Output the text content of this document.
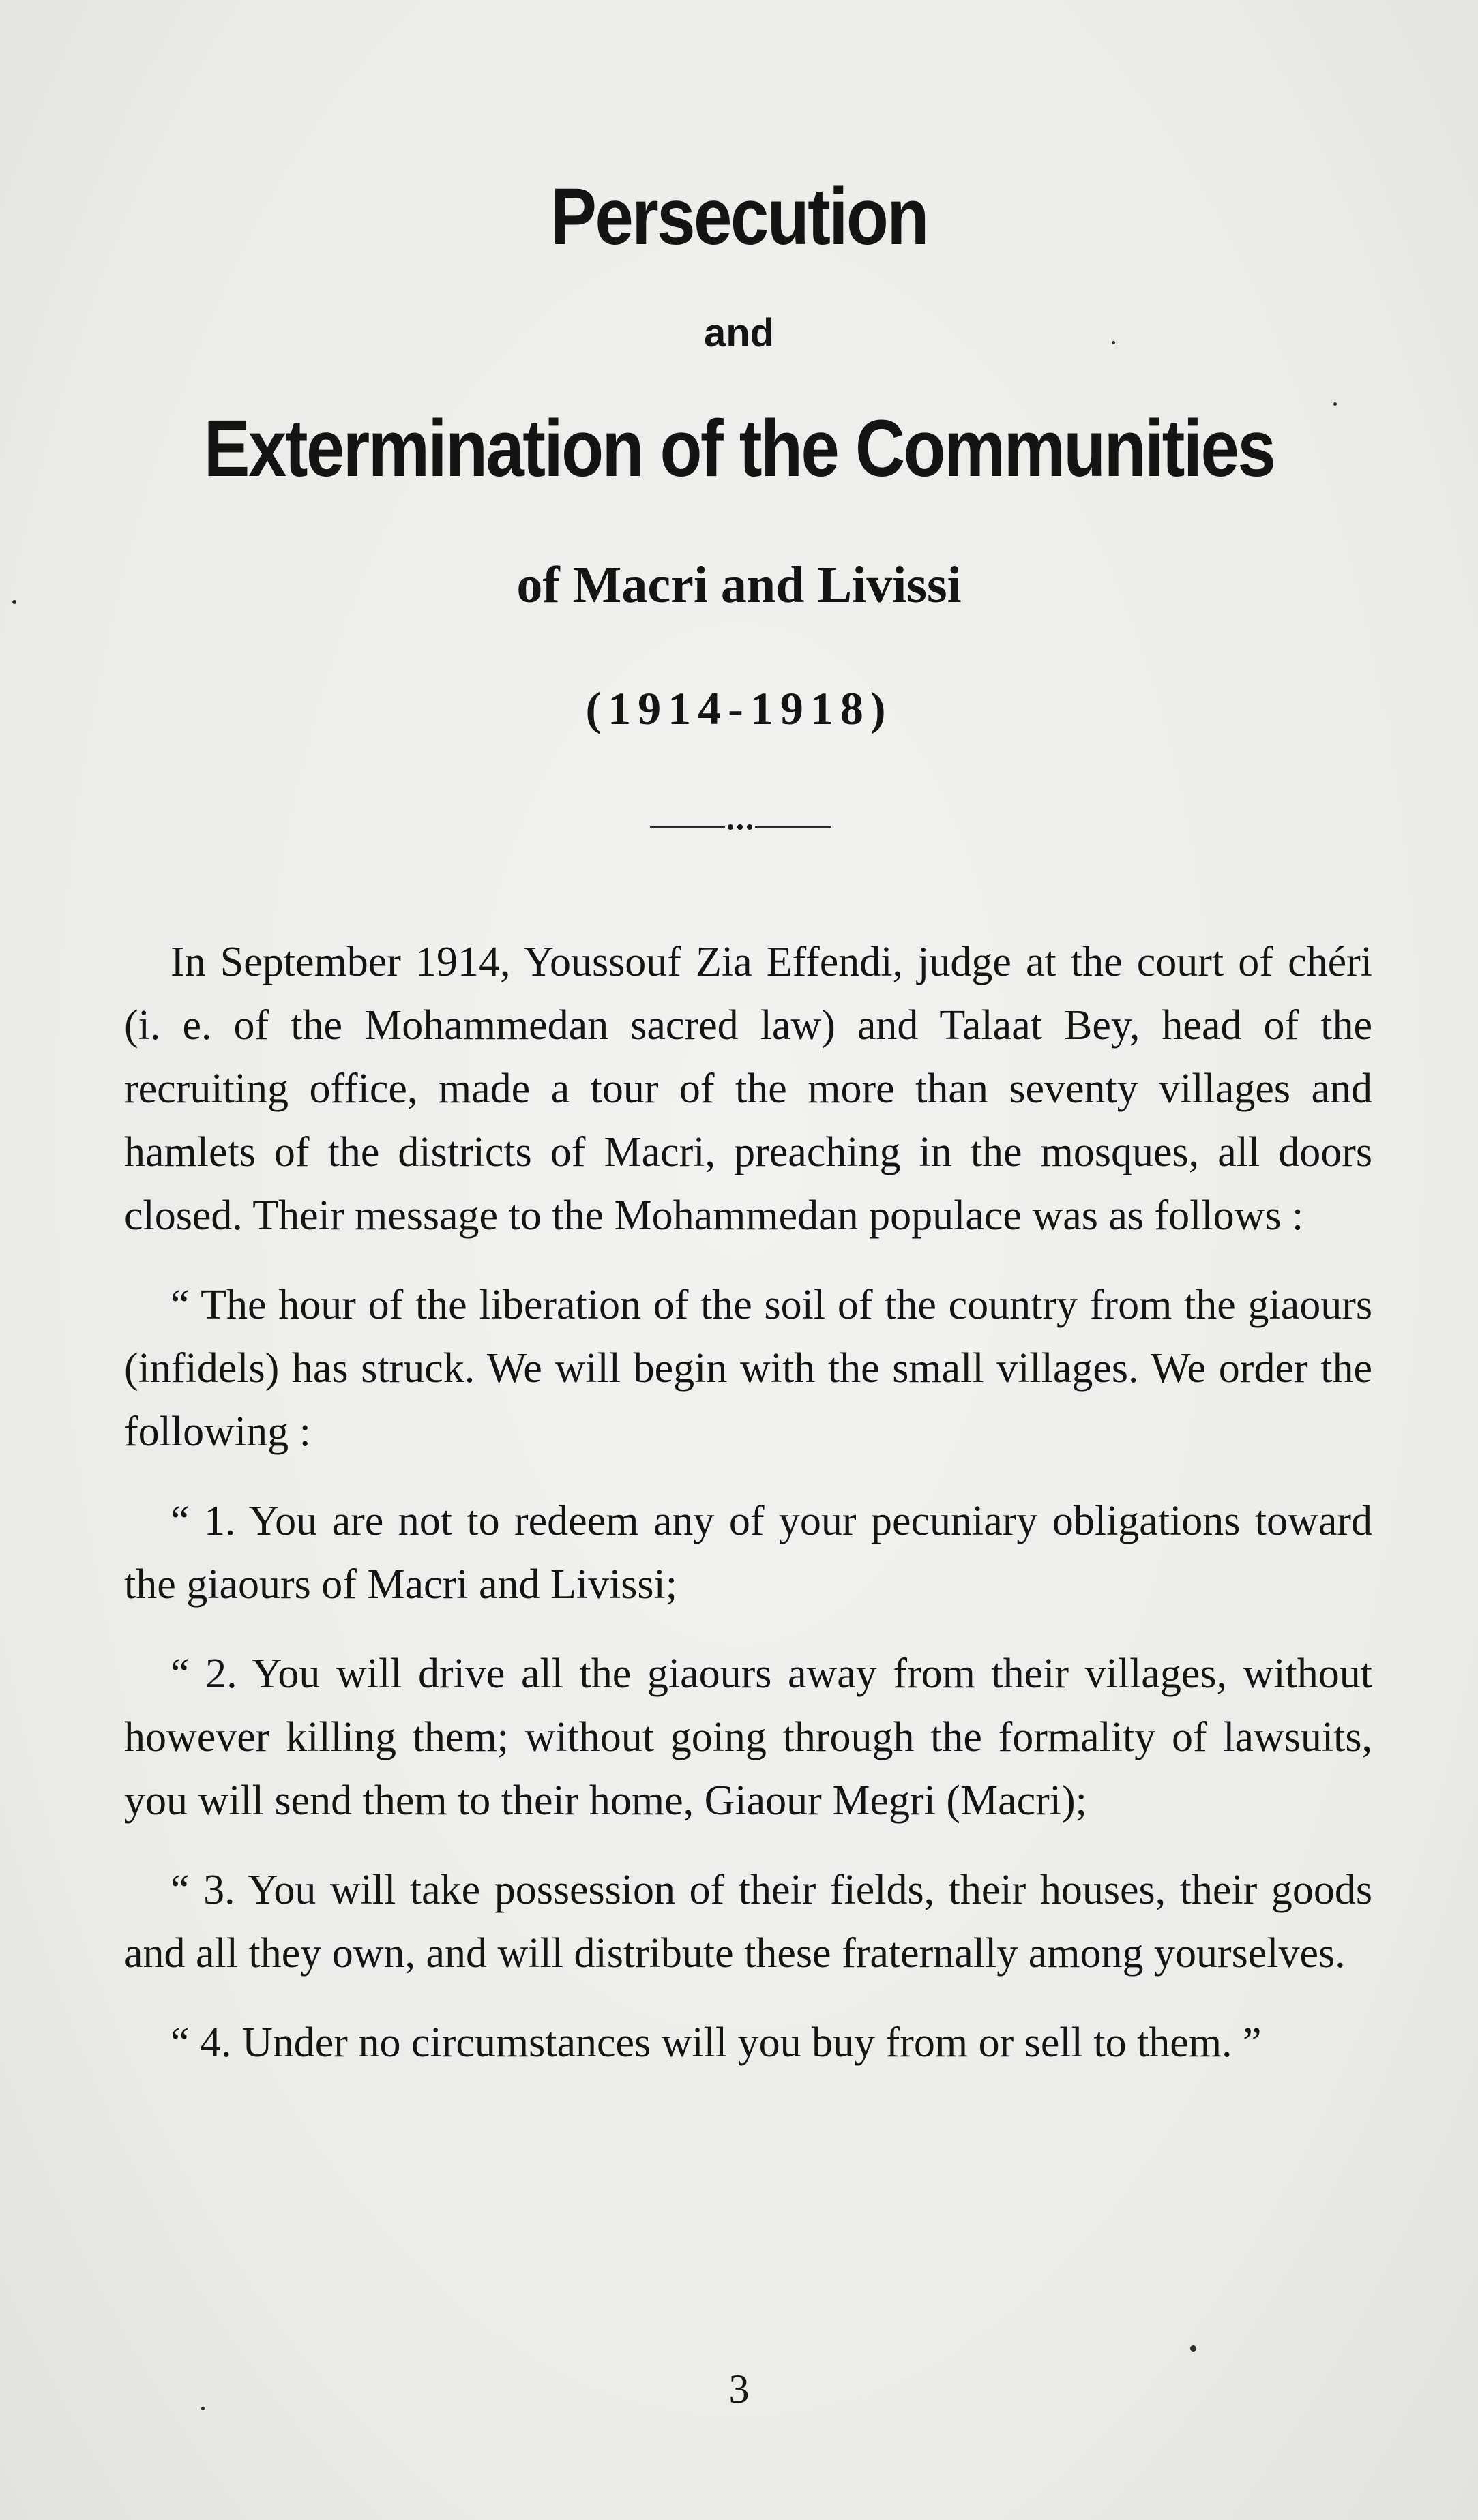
Persecution
and
Extermination of the Communities
of Macri and Livissi
(1914-1918)

In September 1914, Youssouf Zia Effendi, judge at the court of chéri (i. e. of the Mohammedan sacred law) and Talaat Bey, head of the recruiting office, made a tour of the more than seventy villages and hamlets of the districts of Macri, preaching in the mosques, all doors closed. Their message to the Mohammedan populace was as follows :

“ The hour of the liberation of the soil of the country from the giaours (infidels) has struck. We will begin with the small villages. We order the following :

“ 1. You are not to redeem any of your pecuniary obligations toward the giaours of Macri and Livissi;

“ 2. You will drive all the giaours away from their villages, without however killing them; without going through the formality of lawsuits, you will send them to their home, Giaour Megri (Macri);

“ 3. You will take possession of their fields, their houses, their goods and all they own, and will distribute these fraternally among yourselves.

“ 4. Under no circumstances will you buy from or sell to them. ”

3
